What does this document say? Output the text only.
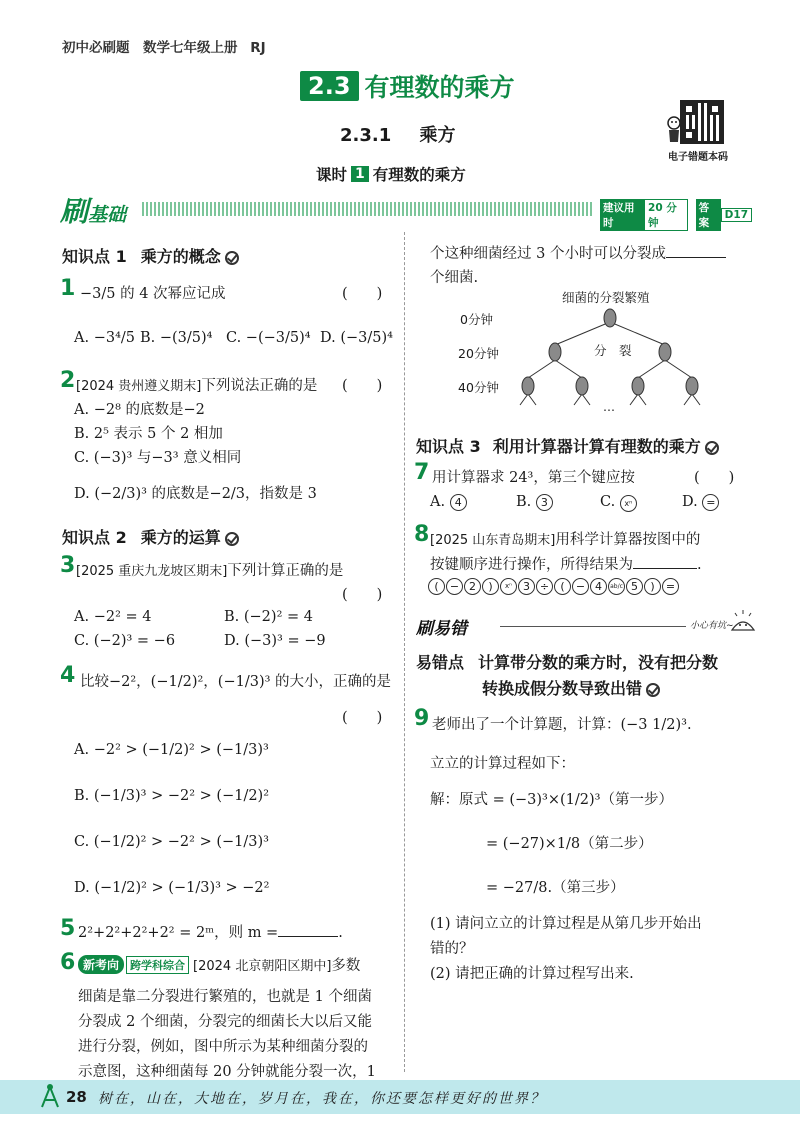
初中必刷题　数学七年级上册 RJ
2.3 有理数的乘方
电子错题本码
2.3.1 乘方
课时 1 有理数的乘方
刷基础	建议用时
20 分钟
答案
D17
知识点 1 乘方的概念
1 −3/5 的 4 次幂应记成	(　　)
A. −3⁴/5 B. −(3/5)⁴ C. −(−3/5)⁴ D. (−3/5)⁴
2 [2024 贵州遵义期末]下列说法正确的是 (　　)
A. −2⁸ 的底数是−2
B. 2⁵ 表示 5 个 2 相加
C. (−3)³ 与−3³ 意义相同
D. (−2/3)³ 的底数是−2/3，指数是 3
知识点 2 乘方的运算
3 [2025 重庆九龙坡区期末]下列计算正确的是
(　　)
A. −2² = 4	B. (−2)² = 4
C. (−2)³ = −6	D. (−3)³ = −9
4 比较−2²，(−1/2)²，(−1/3)³ 的大小，正确的是
(　　)
A. −2² > (−1/2)² > (−1/3)³
B. (−1/3)³ > −2² > (−1/2)²
C. (−1/2)² > −2² > (−1/3)³
D. (−1/2)² > (−1/3)³ > −2²
5 2²+2²+2²+2² = 2ᵐ，则 m =	.
6 新考向	跨学科综合 [2024 北京朝阳区期中] 多数
细菌是靠二分裂进行繁殖的，也就是 1 个细菌
分裂成 2 个细菌，分裂完的细菌长大以后又能
进行分裂，例如，图中所示为某种细菌分裂的
示意图，这种细菌每 20 分钟就能分裂一次，1
个这种细菌经过 3 个小时可以分裂成
个细菌.
细菌的分裂繁殖
0分钟
20分钟
40分钟
分　裂
…
知识点 3 利用计算器计算有理数的乘方
7 用计算器求 24³，第三个键应按	(　　)
A. 4	B. 3	C. xⁿ	D. =
8 [2025 山东青岛期末]用科学计算器按图中的
按键顺序进行操作，所得结果为	.
(	− 2	)	xⁿ	3 ÷	(	− 4	ab/c 5	)	=
刷易错	小心有坑~
易错点 计算带分数的乘方时，没有把分数
转换成假分数导致出错
9 老师出了一个计算题，计算：(−3 1/2)³.
立立的计算过程如下：
解：原式 = (−3)³×(1/2)³（第一步）
= (−27)×1/8（第二步）
= −27/8.（第三步）
(1) 请问立立的计算过程是从第几步开始出
错的？
(2) 请把正确的计算过程写出来.
28 树在，山在，大地在，岁月在，我在，你还要怎样更好的世界？
